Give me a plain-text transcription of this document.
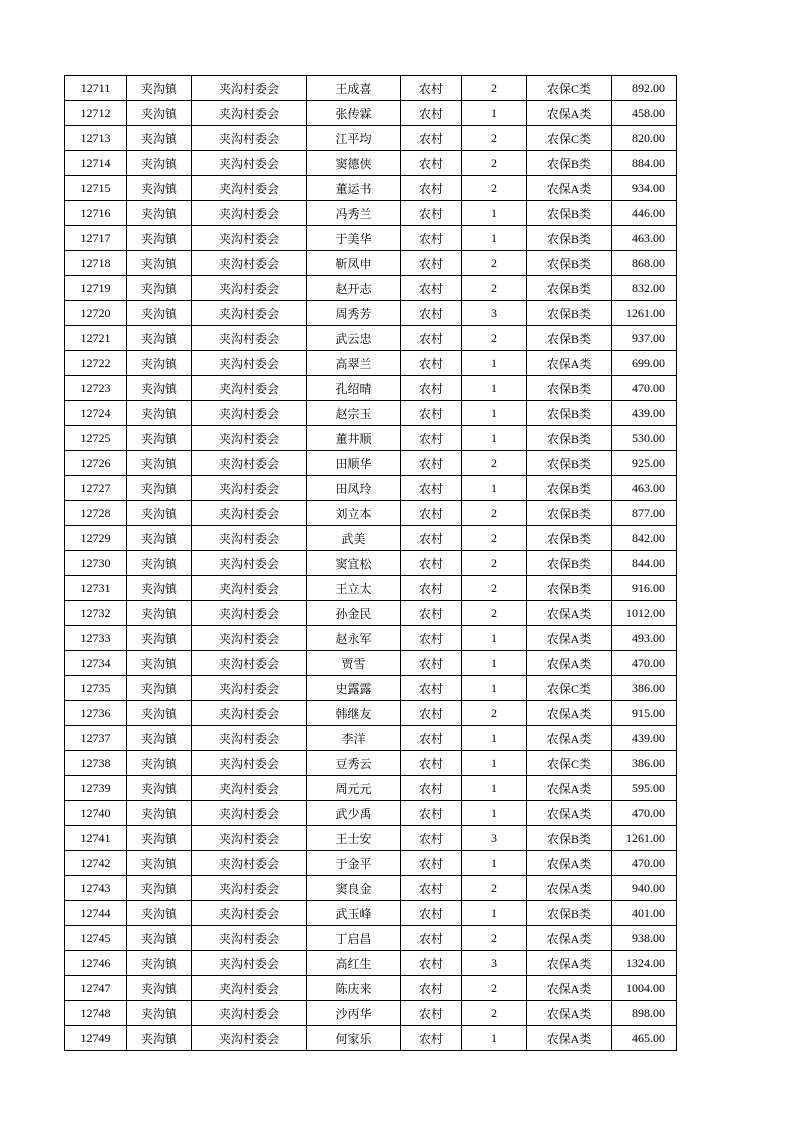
12711	夹沟镇	夹沟村委会	王成喜	农村	2	农保C类	892.00
12712	夹沟镇	夹沟村委会	张传霖	农村	1	农保A类	458.00
12713	夹沟镇	夹沟村委会	江平均	农村	2	农保C类	820.00
12714	夹沟镇	夹沟村委会	窦德侠	农村	2	农保B类	884.00
12715	夹沟镇	夹沟村委会	董运书	农村	2	农保A类	934.00
12716	夹沟镇	夹沟村委会	冯秀兰	农村	1	农保B类	446.00
12717	夹沟镇	夹沟村委会	于美华	农村	1	农保B类	463.00
12718	夹沟镇	夹沟村委会	靳凤申	农村	2	农保B类	868.00
12719	夹沟镇	夹沟村委会	赵开志	农村	2	农保B类	832.00
12720	夹沟镇	夹沟村委会	周秀芳	农村	3	农保B类	1261.00
12721	夹沟镇	夹沟村委会	武云忠	农村	2	农保B类	937.00
12722	夹沟镇	夹沟村委会	高翠兰	农村	1	农保A类	699.00
12723	夹沟镇	夹沟村委会	孔绍晴	农村	1	农保B类	470.00
12724	夹沟镇	夹沟村委会	赵宗玉	农村	1	农保B类	439.00
12725	夹沟镇	夹沟村委会	董井顺	农村	1	农保B类	530.00
12726	夹沟镇	夹沟村委会	田顺华	农村	2	农保B类	925.00
12727	夹沟镇	夹沟村委会	田凤玲	农村	1	农保B类	463.00
12728	夹沟镇	夹沟村委会	刘立本	农村	2	农保B类	877.00
12729	夹沟镇	夹沟村委会	武美	农村	2	农保B类	842.00
12730	夹沟镇	夹沟村委会	窦宜松	农村	2	农保B类	844.00
12731	夹沟镇	夹沟村委会	王立太	农村	2	农保B类	916.00
12732	夹沟镇	夹沟村委会	孙金民	农村	2	农保A类	1012.00
12733	夹沟镇	夹沟村委会	赵永军	农村	1	农保A类	493.00
12734	夹沟镇	夹沟村委会	贾雪	农村	1	农保A类	470.00
12735	夹沟镇	夹沟村委会	史露露	农村	1	农保C类	386.00
12736	夹沟镇	夹沟村委会	韩继友	农村	2	农保A类	915.00
12737	夹沟镇	夹沟村委会	李洋	农村	1	农保A类	439.00
12738	夹沟镇	夹沟村委会	豆秀云	农村	1	农保C类	386.00
12739	夹沟镇	夹沟村委会	周元元	农村	1	农保A类	595.00
12740	夹沟镇	夹沟村委会	武少禹	农村	1	农保A类	470.00
12741	夹沟镇	夹沟村委会	王士安	农村	3	农保B类	1261.00
12742	夹沟镇	夹沟村委会	于金平	农村	1	农保A类	470.00
12743	夹沟镇	夹沟村委会	窦良金	农村	2	农保A类	940.00
12744	夹沟镇	夹沟村委会	武玉峰	农村	1	农保B类	401.00
12745	夹沟镇	夹沟村委会	丁启昌	农村	2	农保A类	938.00
12746	夹沟镇	夹沟村委会	高红生	农村	3	农保A类	1324.00
12747	夹沟镇	夹沟村委会	陈庆来	农村	2	农保A类	1004.00
12748	夹沟镇	夹沟村委会	沙丙华	农村	2	农保A类	898.00
12749	夹沟镇	夹沟村委会	何家乐	农村	1	农保A类	465.00
